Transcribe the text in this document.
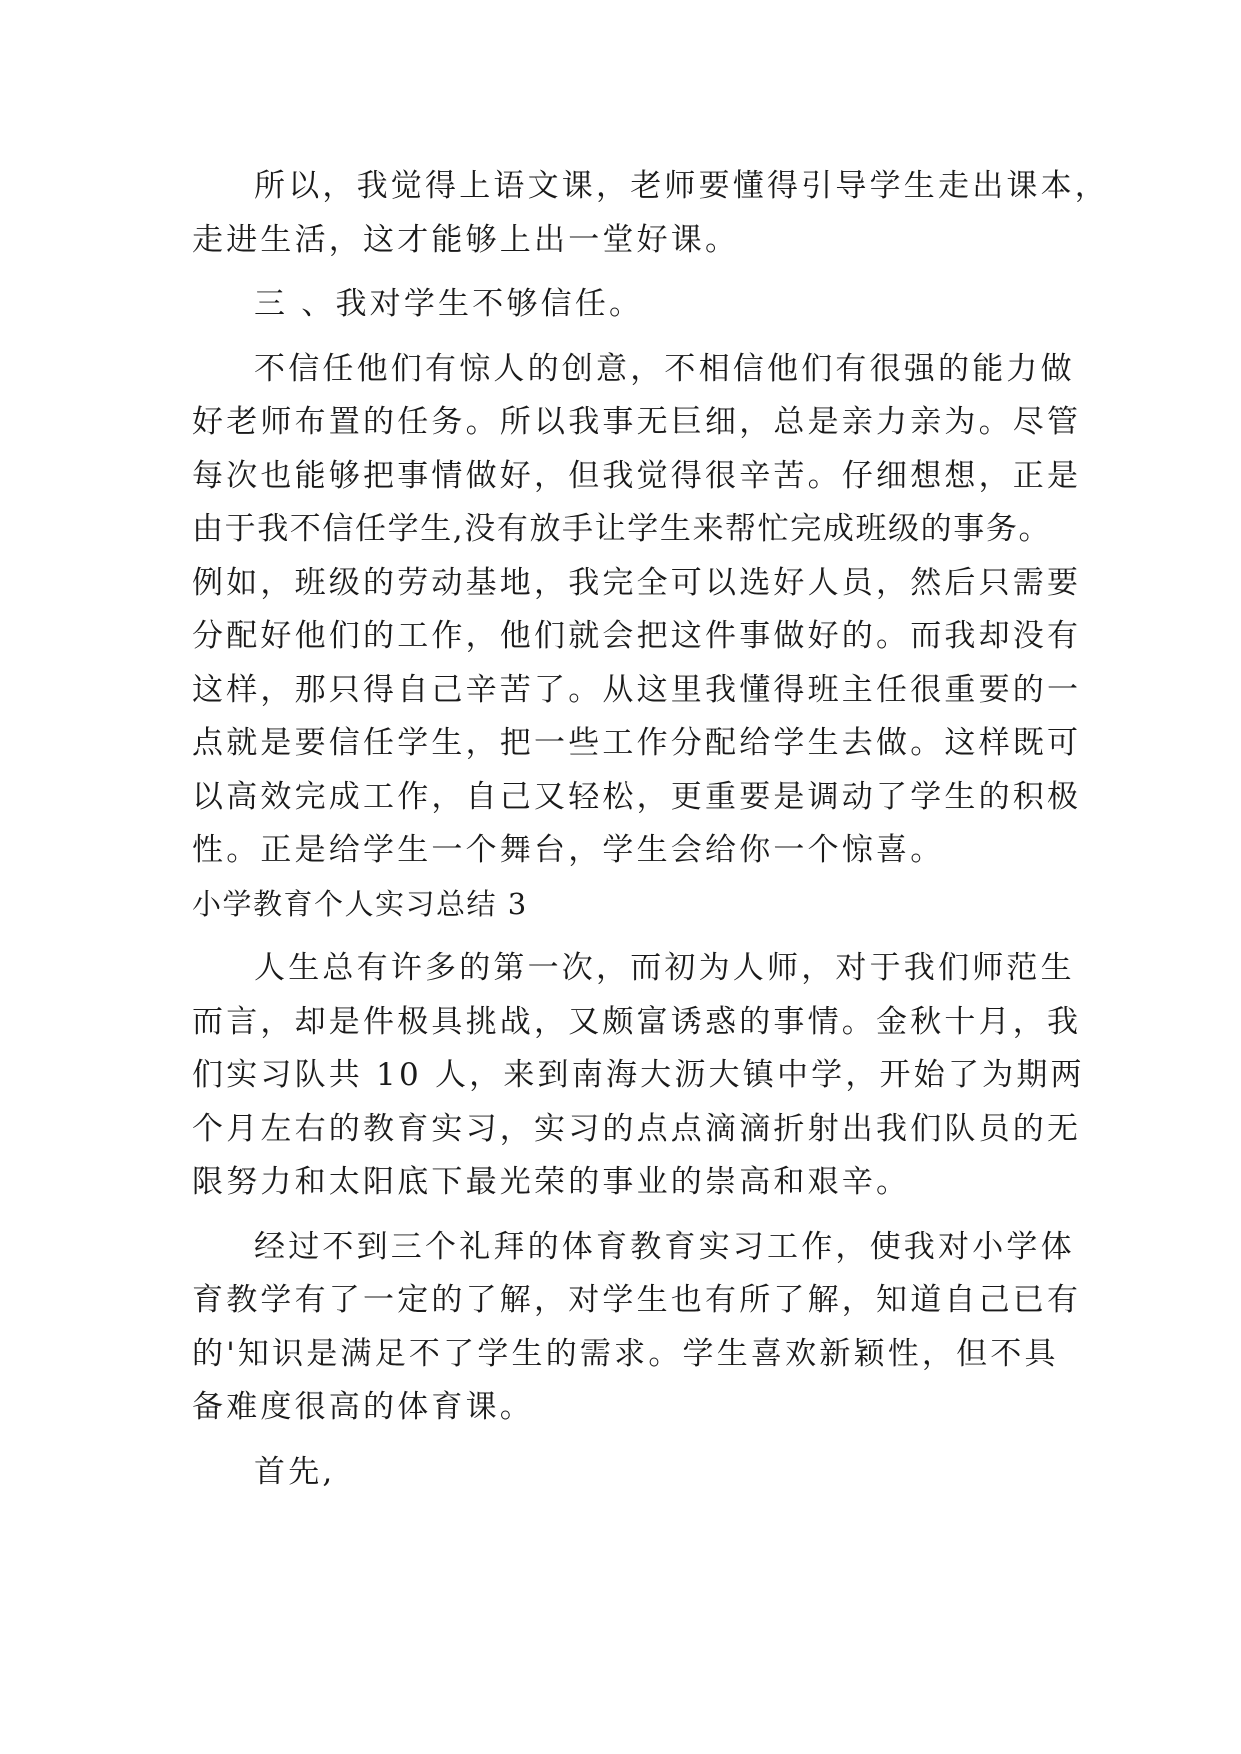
所以，我觉得上语文课，老师要懂得引导学生走出课本，
走进生活，这才能够上出一堂好课。
三 、我对学生不够信任。
不信任他们有惊人的创意，不相信他们有很强的能力做
好老师布置的任务。所以我事无巨细，总是亲力亲为。尽管
每次也能够把事情做好，但我觉得很辛苦。仔细想想，正是
由于我不信任学生,没有放手让学生来帮忙完成班级的事务。
例如，班级的劳动基地，我完全可以选好人员，然后只需要
分配好他们的工作，他们就会把这件事做好的。而我却没有
这样，那只得自己辛苦了。从这里我懂得班主任很重要的一
点就是要信任学生，把一些工作分配给学生去做。这样既可
以高效完成工作，自己又轻松，更重要是调动了学生的积极
性。正是给学生一个舞台，学生会给你一个惊喜。
小学教育个人实习总结 3
人生总有许多的第一次，而初为人师，对于我们师范生
而言，却是件极具挑战，又颇富诱惑的事情。金秋十月，我
们实习队共 10 人，来到南海大沥大镇中学，开始了为期两
个月左右的教育实习，实习的点点滴滴折射出我们队员的无
限努力和太阳底下最光荣的事业的崇高和艰辛。
经过不到三个礼拜的体育教育实习工作，使我对小学体
育教学有了一定的了解，对学生也有所了解，知道自己已有
的'知识是满足不了学生的需求。学生喜欢新颖性，但不具
备难度很高的体育课。
首先,
